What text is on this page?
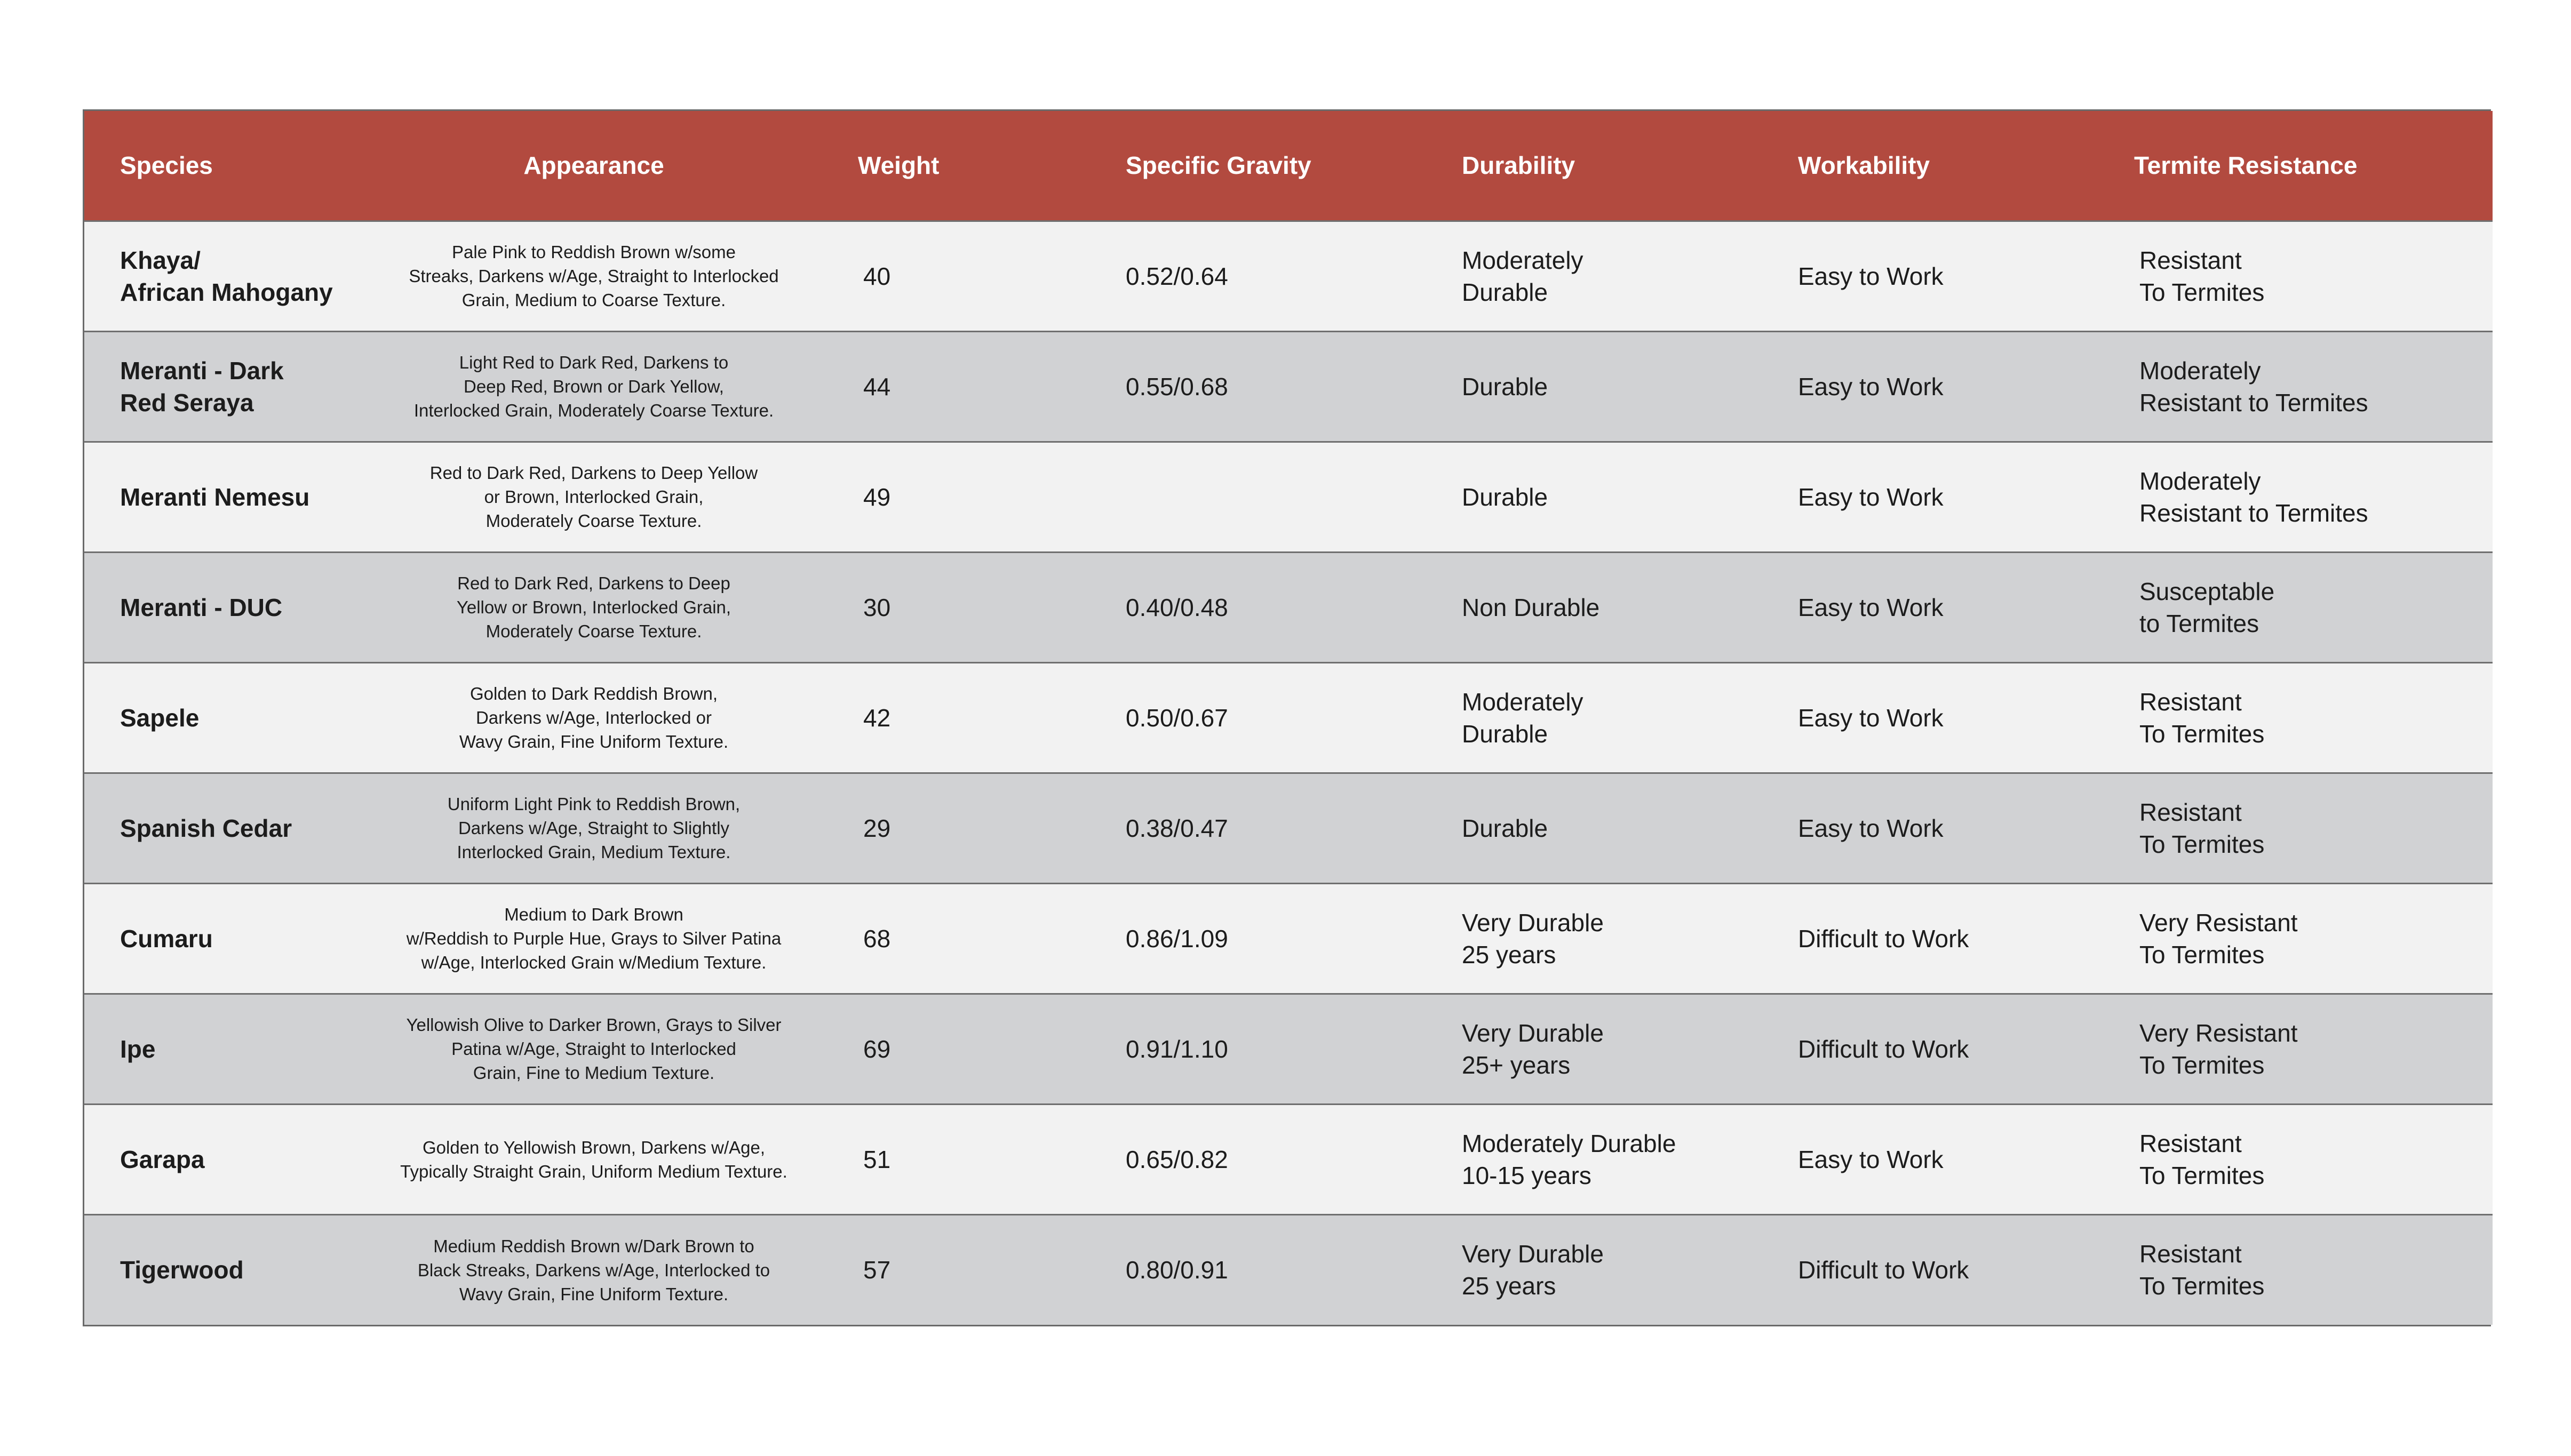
Species	Appearance	Weight	Specific Gravity	Durability	Workability	Termite Resistance

Khaya/
African Mahogany	Pale Pink to Reddish Brown w/some
Streaks, Darkens w/Age, Straight to Interlocked
Grain, Medium to Coarse Texture.	40	0.52/0.64	Moderately
Durable	Easy to Work	Resistant
To Termites

Meranti - Dark
Red Seraya	Light Red to Dark Red, Darkens to
Deep Red, Brown or Dark Yellow,
Interlocked Grain, Moderately Coarse Texture.	44	0.55/0.68	Durable	Easy to Work	Moderately
Resistant to Termites

Meranti Nemesu	Red to Dark Red, Darkens to Deep Yellow
or Brown, Interlocked Grain,
Moderately Coarse Texture.	49		Durable	Easy to Work	Moderately
Resistant to Termites

Meranti - DUC	Red to Dark Red, Darkens to Deep
Yellow or Brown, Interlocked Grain,
Moderately Coarse Texture.	30	0.40/0.48	Non Durable	Easy to Work	Susceptable
to Termites

Sapele	Golden to Dark Reddish Brown,
Darkens w/Age, Interlocked or
Wavy Grain, Fine Uniform Texture.	42	0.50/0.67	Moderately
Durable	Easy to Work	Resistant
To Termites

Spanish Cedar	Uniform Light Pink to Reddish Brown,
Darkens w/Age, Straight to Slightly
Interlocked Grain, Medium Texture.	29	0.38/0.47	Durable	Easy to Work	Resistant
To Termites

Cumaru	Medium to Dark Brown
w/Reddish to Purple Hue, Grays to Silver Patina
w/Age, Interlocked Grain w/Medium Texture.	68	0.86/1.09	Very Durable
25 years	Difficult to Work	Very Resistant
To Termites

Ipe	Yellowish Olive to Darker Brown, Grays to Silver
Patina w/Age, Straight to Interlocked
Grain, Fine to Medium Texture.	69	0.91/1.10	Very Durable
25+ years	Difficult to Work	Very Resistant
To Termites

Garapa	Golden to Yellowish Brown, Darkens w/Age,
Typically Straight Grain, Uniform Medium Texture.	51	0.65/0.82	Moderately Durable
10-15 years	Easy to Work	Resistant
To Termites

Tigerwood	Medium Reddish Brown w/Dark Brown to
Black Streaks, Darkens w/Age, Interlocked to
Wavy Grain, Fine Uniform Texture.	57	0.80/0.91	Very Durable
25 years	Difficult to Work	Resistant
To Termites
